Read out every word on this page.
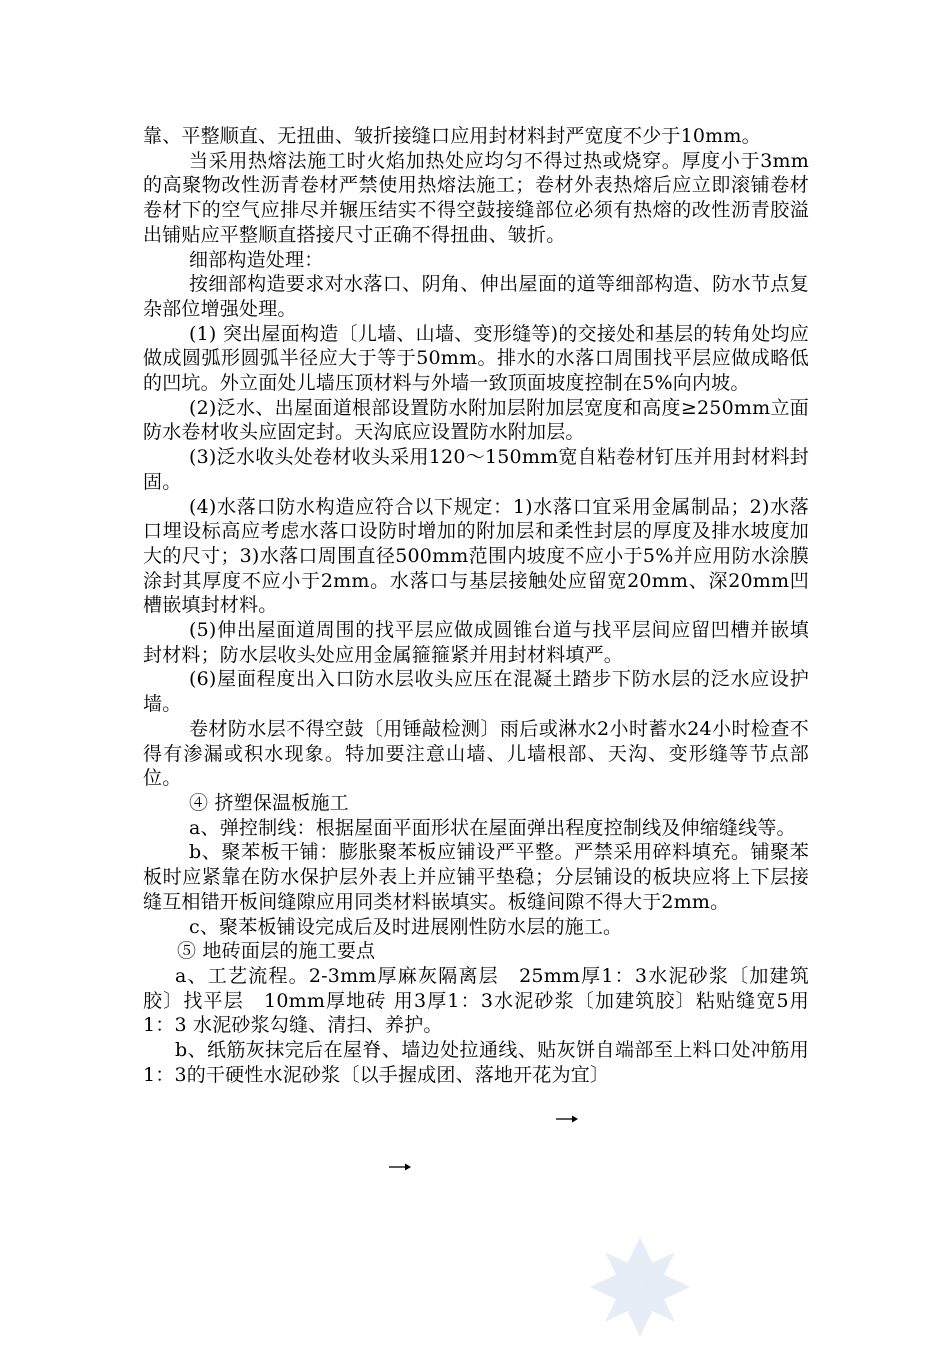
靠、平整顺直、无扭曲、皱折接缝口应用封材料封严宽度不少于10mm。

当采用热熔法施工时火焰加热处应均匀不得过热或烧穿。厚度小于3mm的高聚物改性沥青卷材严禁使用热熔法施工；卷材外表热熔后应立即滚铺卷材卷材下的空气应排尽并辗压结实不得空鼓接缝部位必须有热熔的改性沥青胶溢出铺贴应平整顺直搭接尺寸正确不得扭曲、皱折。

细部构造处理：

按细部构造要求对水落口、阴角、伸出屋面的道等细部构造、防水节点复杂部位增强处理。

(1) 突出屋面构造〔儿墙、山墙、变形缝等)的交接处和基层的转角处均应做成圆弧形圆弧半径应大于等于50mm。排水的水落口周围找平层应做成略低的凹坑。外立面处儿墙压顶材料与外墙一致顶面坡度控制在5%向内坡。

(2)泛水、出屋面道根部设置防水附加层附加层宽度和高度≥250mm立面防水卷材收头应固定封。天沟底应设置防水附加层。

(3)泛水收头处卷材收头采用120～150mm宽自粘卷材钉压并用封材料封固。

(4)水落口防水构造应符合以下规定：1)水落口宜采用金属制品；2)水落口埋设标高应考虑水落口设防时增加的附加层和柔性封层的厚度及排水坡度加大的尺寸；3)水落口周围直径500mm范围内坡度不应小于5%并应用防水涂膜涂封其厚度不应小于2mm。水落口与基层接触处应留宽20mm、深20mm凹槽嵌填封材料。

(5)伸出屋面道周围的找平层应做成圆锥台道与找平层间应留凹槽并嵌填封材料；防水层收头处应用金属箍箍紧并用封材料填严。

(6)屋面程度出入口防水层收头应压在混凝土踏步下防水层的泛水应设护墙。

卷材防水层不得空鼓〔用锤敲检测〕雨后或淋水2小时蓄水24小时检查不得有渗漏或积水现象。特加要注意山墙、儿墙根部、天沟、变形缝等节点部位。

④ 挤塑保温板施工

a、弹控制线：根据屋面平面形状在屋面弹出程度控制线及伸缩缝线等。

b、聚苯板干铺：膨胀聚苯板应铺设严平整。严禁采用碎料填充。铺聚苯板时应紧靠在防水保护层外表上并应铺平垫稳；分层铺设的板块应将上下层接缝互相错开板间缝隙应用同类材料嵌填实。板缝间隙不得大于2mm。

c、聚苯板铺设完成后及时进展刚性防水层的施工。

⑤ 地砖面层的施工要点

a、工艺流程。2-3mm厚麻灰隔离层　25mm厚1：3水泥砂浆〔加建筑胶〕找平层　10mm厚地砖 用3厚1：3水泥砂浆〔加建筑胶〕粘贴缝宽5用1：3 水泥砂浆勾缝、清扫、养护。

b、纸筋灰抹完后在屋脊、墙边处拉通线、贴灰饼自端部至上料口处冲筋用1：3的干硬性水泥砂浆〔以手握成团、落地开花为宜〕
